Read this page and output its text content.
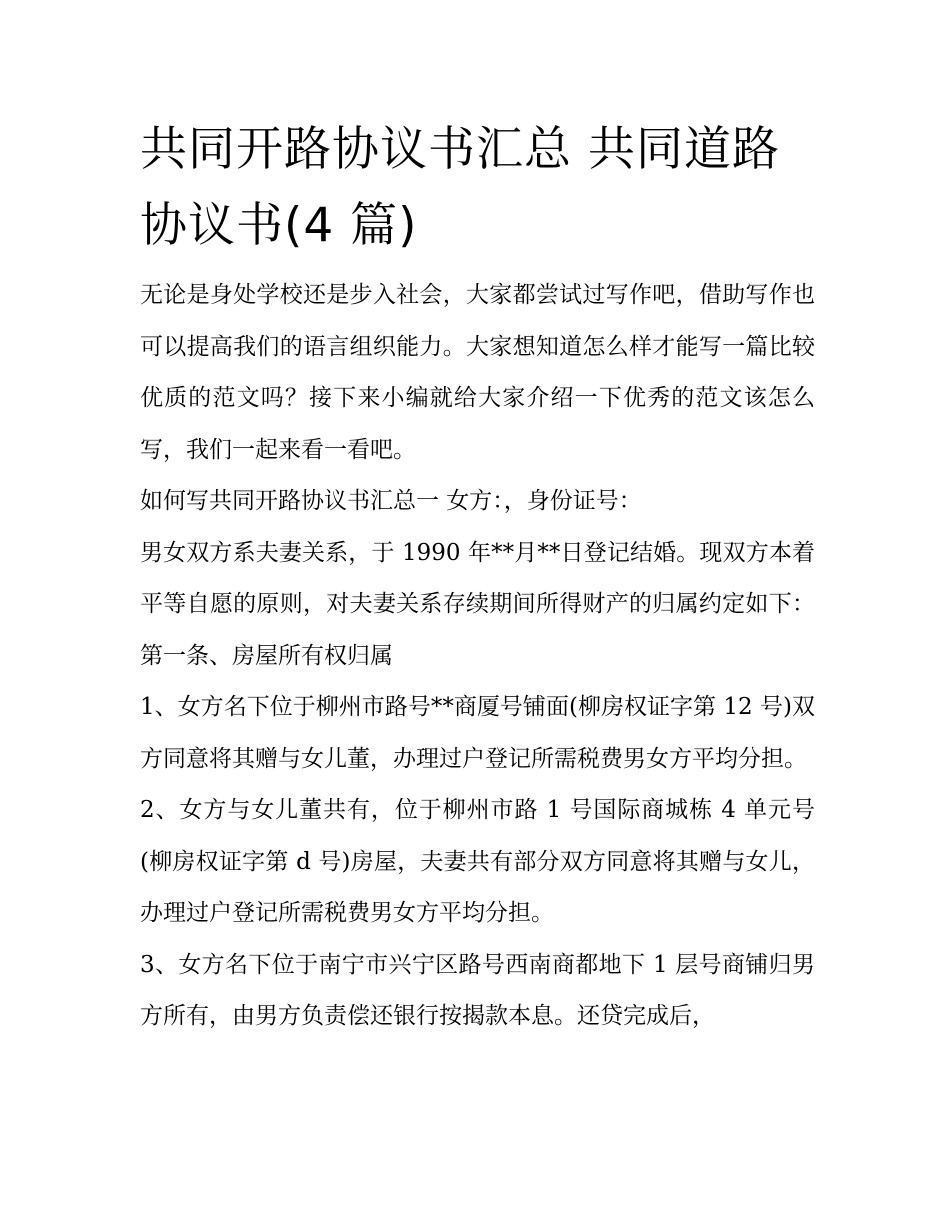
共同开路协议书汇总 共同道路协议书(4 篇)

无论是身处学校还是步入社会，大家都尝试过写作吧，借助写作也可以提高我们的语言组织能力。大家想知道怎么样才能写一篇比较优质的范文吗？接下来小编就给大家介绍一下优秀的范文该怎么写，我们一起来看一看吧。

如何写共同开路协议书汇总一 女方：，身份证号：

男女双方系夫妻关系，于 1990 年**月**日登记结婚。现双方本着平等自愿的原则，对夫妻关系存续期间所得财产的归属约定如下： 第一条、房屋所有权归属

1、女方名下位于柳州市路号**商厦号铺面(柳房权证字第 12 号)双方同意将其赠与女儿董，办理过户登记所需税费男女方平均分担。

2、女方与女儿董共有，位于柳州市路 1 号国际商城栋 4 单元号(柳房权证字第 d 号)房屋，夫妻共有部分双方同意将其赠与女儿，办理过户登记所需税费男女方平均分担。

3、女方名下位于南宁市兴宁区路号西南商都地下 1 层号商铺归男方所有，由男方负责偿还银行按揭款本息。还贷完成后，
